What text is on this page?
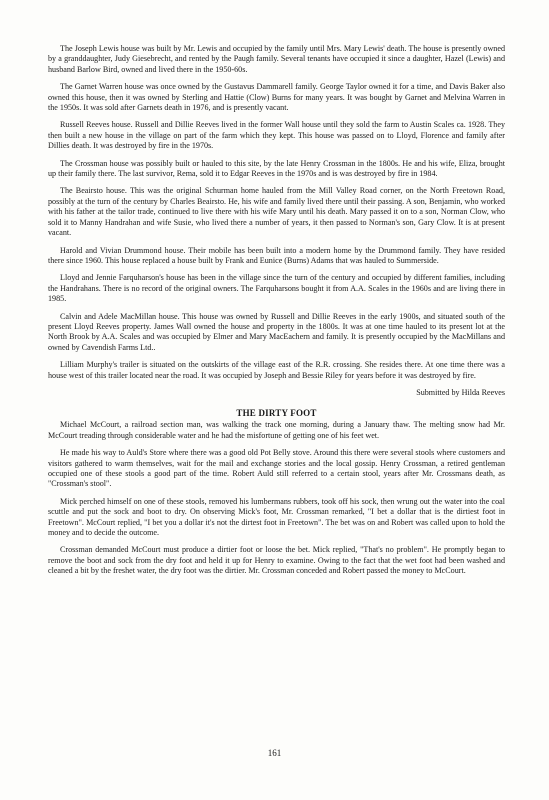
The Joseph Lewis house was built by Mr. Lewis and occupied by the family until Mrs. Mary Lewis' death. The house is presently owned by a granddaughter, Judy Giesebrecht, and rented by the Paugh family. Several tenants have occupied it since a daughter, Hazel (Lewis) and husband Barlow Bird, owned and lived there in the 1950-60s.

The Garnet Warren house was once owned by the Gustavus Dammarell family. George Taylor owned it for a time, and Davis Baker also owned this house, then it was owned by Sterling and Hattie (Clow) Burns for many years. It was bought by Garnet and Melvina Warren in the 1950s. It was sold after Garnets death in 1976, and is presently vacant.

Russell Reeves house. Russell and Dillie Reeves lived in the former Wall house until they sold the farm to Austin Scales ca. 1928. They then built a new house in the village on part of the farm which they kept. This house was passed on to Lloyd, Florence and family after Dillies death. It was destroyed by fire in the 1970s.

The Crossman house was possibly built or hauled to this site, by the late Henry Crossman in the 1800s. He and his wife, Eliza, brought up their family there. The last survivor, Rema, sold it to Edgar Reeves in the 1970s and is was destroyed by fire in 1984.

The Beairsto house. This was the original Schurman home hauled from the Mill Valley Road corner, on the North Freetown Road, possibly at the turn of the century by Charles Beairsto. He, his wife and family lived there until their passing. A son, Benjamin, who worked with his father at the tailor trade, continued to live there with his wife Mary until his death. Mary passed it on to a son, Norman Clow, who sold it to Manny Handrahan and wife Susie, who lived there a number of years, it then passed to Norman's son, Gary Clow. It is at present vacant.

Harold and Vivian Drummond house. Their mobile has been built into a modern home by the Drummond family. They have resided there since 1960. This house replaced a house built by Frank and Eunice (Burns) Adams that was hauled to Summerside.

Lloyd and Jennie Farquharson's house has been in the village since the turn of the century and occupied by different families, including the Handrahans. There is no record of the original owners. The Farquharsons bought it from A.A. Scales in the 1960s and are living there in 1985.

Calvin and Adele MacMillan house. This house was owned by Russell and Dillie Reeves in the early 1900s, and situated south of the present Lloyd Reeves property. James Wall owned the house and property in the 1800s. It was at one time hauled to its present lot at the North Brook by A.A. Scales and was occupied by Elmer and Mary MacEachern and family. It is presently occupied by the MacMillans and owned by Cavendish Farms Ltd..

Lilliam Murphy's trailer is situated on the outskirts of the village east of the R.R. crossing. She resides there. At one time there was a house west of this trailer located near the road. It was occupied by Joseph and Bessie Riley for years before it was destroyed by fire.

Submitted by Hilda Reeves
THE DIRTY FOOT

Michael McCourt, a railroad section man, was walking the track one morning, during a January thaw. The melting snow had Mr. McCourt treading through considerable water and he had the misfortune of getting one of his feet wet.

He made his way to Auld's Store where there was a good old Pot Belly stove. Around this there were several stools where customers and visitors gathered to warm themselves, wait for the mail and exchange stories and the local gossip. Henry Crossman, a retired gentleman occupied one of these stools a good part of the time. Robert Auld still referred to a certain stool, years after Mr. Crossmans death, as "Crossman's stool".

Mick perched himself on one of these stools, removed his lumbermans rubbers, took off his sock, then wrung out the water into the coal scuttle and put the sock and boot to dry. On observing Mick's foot, Mr. Crossman remarked, "I bet a dollar that is the dirtiest foot in Freetown". McCourt replied, "I bet you a dollar it's not the dirtest foot in Freetown". The bet was on and Robert was called upon to hold the money and to decide the outcome.

Crossman demanded McCourt must produce a dirtier foot or loose the bet. Mick replied, "That's no problem". He promptly began to remove the boot and sock from the dry foot and held it up for Henry to examine. Owing to the fact that the wet foot had been washed and cleaned a bit by the freshet water, the dry foot was the dirtier. Mr. Crossman conceded and Robert passed the money to McCourt.

161
